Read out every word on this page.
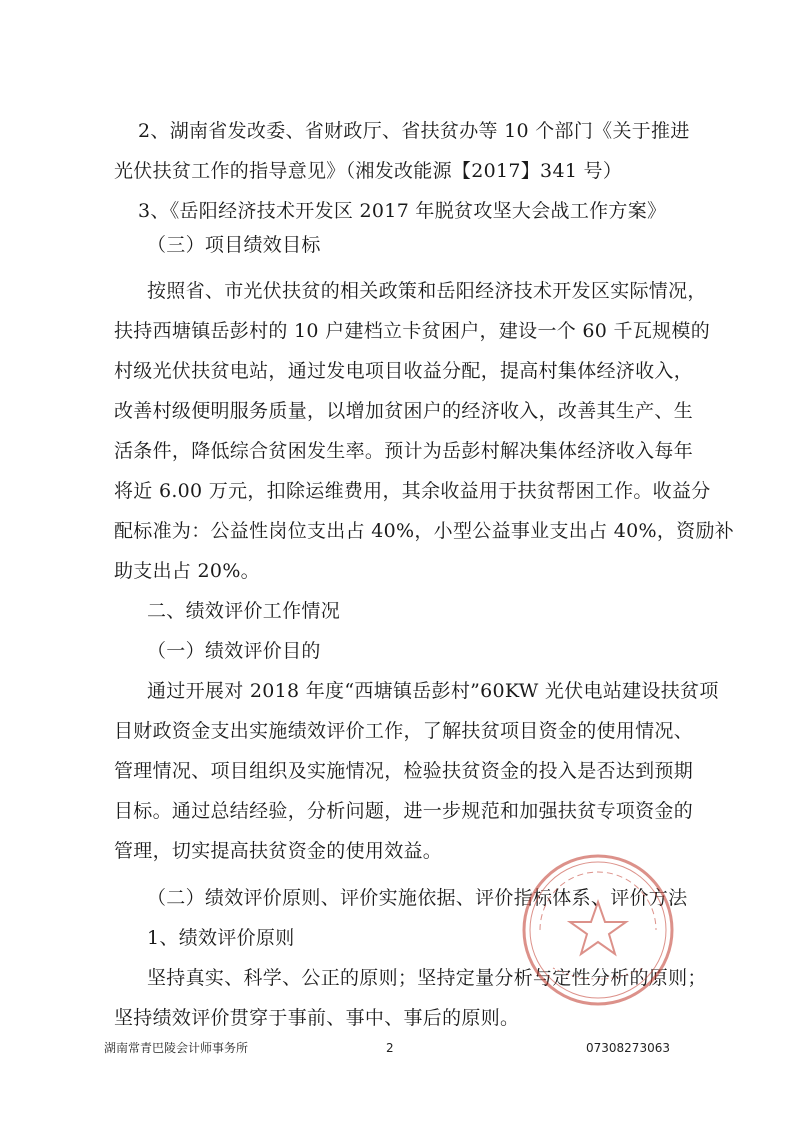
2、湖南省发改委、省财政厅、省扶贫办等 10 个部门《关于推进
光伏扶贫工作的指导意见》（湘发改能源【2017】341 号）
3、《岳阳经济技术开发区 2017 年脱贫攻坚大会战工作方案》
（三）项目绩效目标
按照省、市光伏扶贫的相关政策和岳阳经济技术开发区实际情况，
扶持西塘镇岳彭村的 10 户建档立卡贫困户，建设一个 60 千瓦规模的
村级光伏扶贫电站，通过发电项目收益分配，提高村集体经济收入，
改善村级便明服务质量，以增加贫困户的经济收入，改善其生产、生
活条件，降低综合贫困发生率。预计为岳彭村解决集体经济收入每年
将近 6.00 万元，扣除运维费用，其余收益用于扶贫帮困工作。收益分
配标准为：公益性岗位支出占 40%，小型公益事业支出占 40%，资励补
助支出占 20%。
二、绩效评价工作情况
（一）绩效评价目的
通过开展对 2018 年度“西塘镇岳彭村”60KW 光伏电站建设扶贫项
目财政资金支出实施绩效评价工作，了解扶贫项目资金的使用情况、
管理情况、项目组织及实施情况，检验扶贫资金的投入是否达到预期
目标。通过总结经验，分析问题，进一步规范和加强扶贫专项资金的
管理，切实提高扶贫资金的使用效益。
（二）绩效评价原则、评价实施依据、评价指标体系、评价方法
1、绩效评价原则
坚持真实、科学、公正的原则；坚持定量分析与定性分析的原则；
坚持绩效评价贯穿于事前、事中、事后的原则。
湖南常青巴陵会计师事务所	2	07308273063
